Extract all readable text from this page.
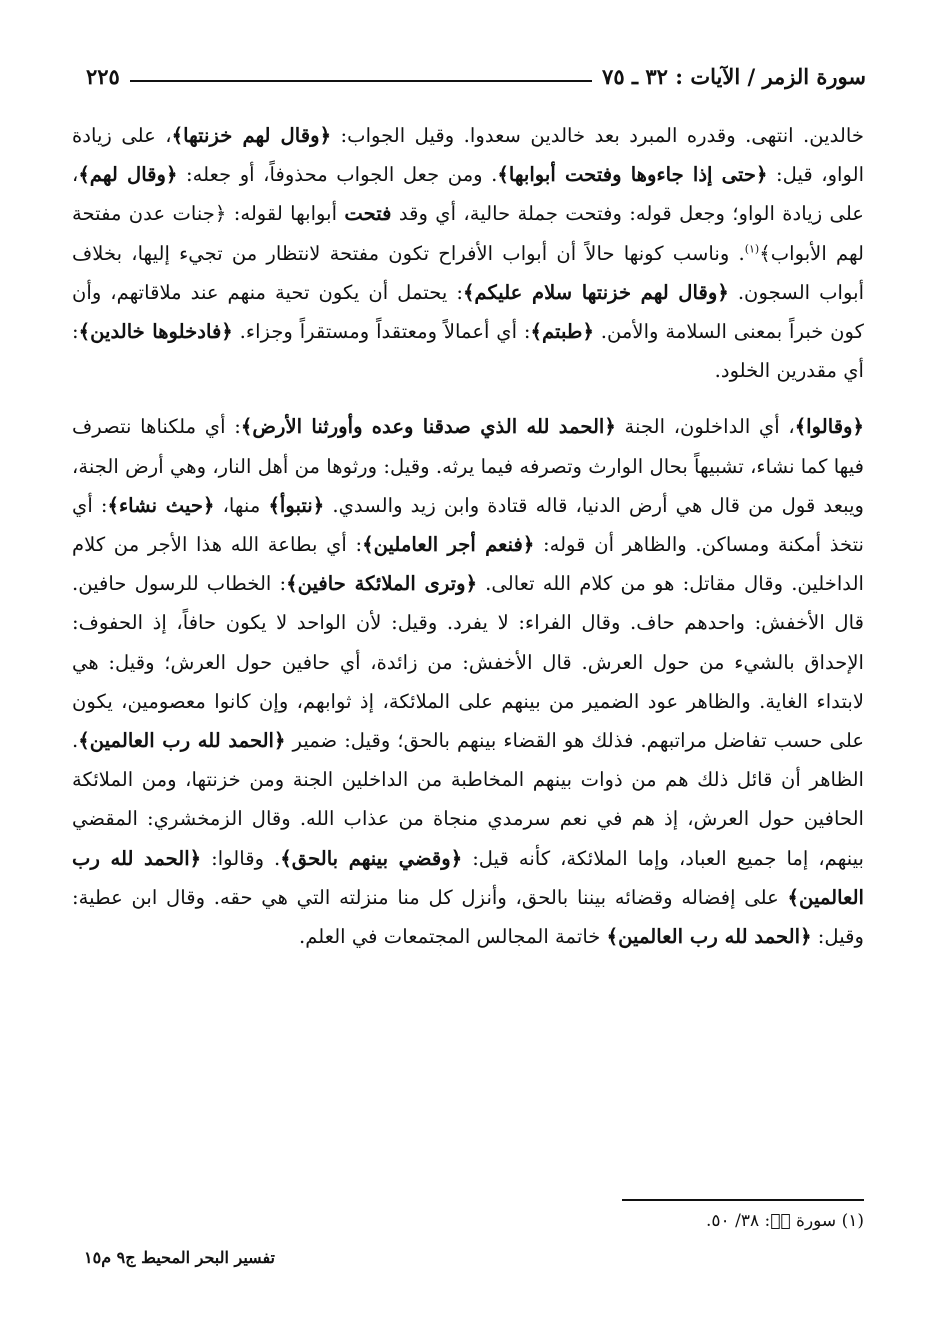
سورة الزمر / الآيات : ٣٢ ـ ٧٥
٢٢٥

خالدين. انتهى. وقدره المبرد بعد خالدين سعدوا. وقيل الجواب: ﴿وقال لهم خزنتها﴾، على زيادة الواو، قيل: ﴿حتى إذا جاءوها وفتحت أبوابها﴾. ومن جعل الجواب محذوفاً، أو جعله: ﴿وقال لهم﴾، على زيادة الواو؛ وجعل قوله: وفتحت جملة حالية، أي وقد فتحت أبوابها لقوله: ﴿جنات عدن مفتحة لهم الأبواب﴾$^{(١)}$. وناسب كونها حالاً أن أبواب الأفراح تكون مفتحة لانتظار من تجيء إليها، بخلاف أبواب السجون. ﴿وقال لهم خزنتها سلام عليكم﴾: يحتمل أن يكون تحية منهم عند ملاقاتهم، وأن كون خبراً بمعنى السلامة والأمن. ﴿طبتم﴾: أي أعمالاً ومعتقداً ومستقراً وجزاء. ﴿فادخلوها خالدين﴾: أي مقدرين الخلود.

﴿وقالوا﴾، أي الداخلون، الجنة ﴿الحمد لله الذي صدقنا وعده وأورثنا الأرض﴾: أي ملكناها نتصرف فيها كما نشاء، تشبيهاً بحال الوارث وتصرفه فيما يرثه. وقيل: ورثوها من أهل النار، وهي أرض الجنة، ويبعد قول من قال هي أرض الدنيا، قاله قتادة وابن زيد والسدي. ﴿نتبوأ﴾ منها، ﴿حيث نشاء﴾: أي نتخذ أمكنة ومساكن. والظاهر أن قوله: ﴿فنعم أجر العاملين﴾: أي بطاعة الله هذا الأجر من كلام الداخلين. وقال مقاتل: هو من كلام الله تعالى. ﴿وترى الملائكة حافين﴾: الخطاب للرسول حافين. قال الأخفش: واحدهم حاف. وقال الفراء: لا يفرد. وقيل: لأن الواحد لا يكون حافاً، إذ الحفوف: الإحداق بالشيء من حول العرش. قال الأخفش: من زائدة، أي حافين حول العرش؛ وقيل: هي لابتداء الغاية. والظاهر عود الضمير من بينهم على الملائكة، إذ ثوابهم، وإن كانوا معصومين، يكون على حسب تفاضل مراتبهم. فذلك هو القضاء بينهم بالحق؛ وقيل: ضمير ﴿الحمد لله رب العالمين﴾. الظاهر أن قائل ذلك هم من ذوات بينهم المخاطبة من الداخلين الجنة ومن خزنتها، ومن الملائكة الحافين حول العرش، إذ هم في نعم سرمدي منجاة من عذاب الله. وقال الزمخشري: المقضي بينهم، إما جميع العباد، وإما الملائكة، كأنه قيل: ﴿وقضي بينهم بالحق﴾. وقالوا: ﴿الحمد لله رب العالمين﴾ على إفضاله وقضائه بيننا بالحق، وأنزل كل منا منزلته التي هي حقه. وقال ابن عطية: وقيل: ﴿الحمد لله رب العالمين﴾ خاتمة المجالس المجتمعات في العلم.

(١) سورة صۤ: ٣٨/ ٥٠.
تفسير البحر المحيط ج٩ م١٥
